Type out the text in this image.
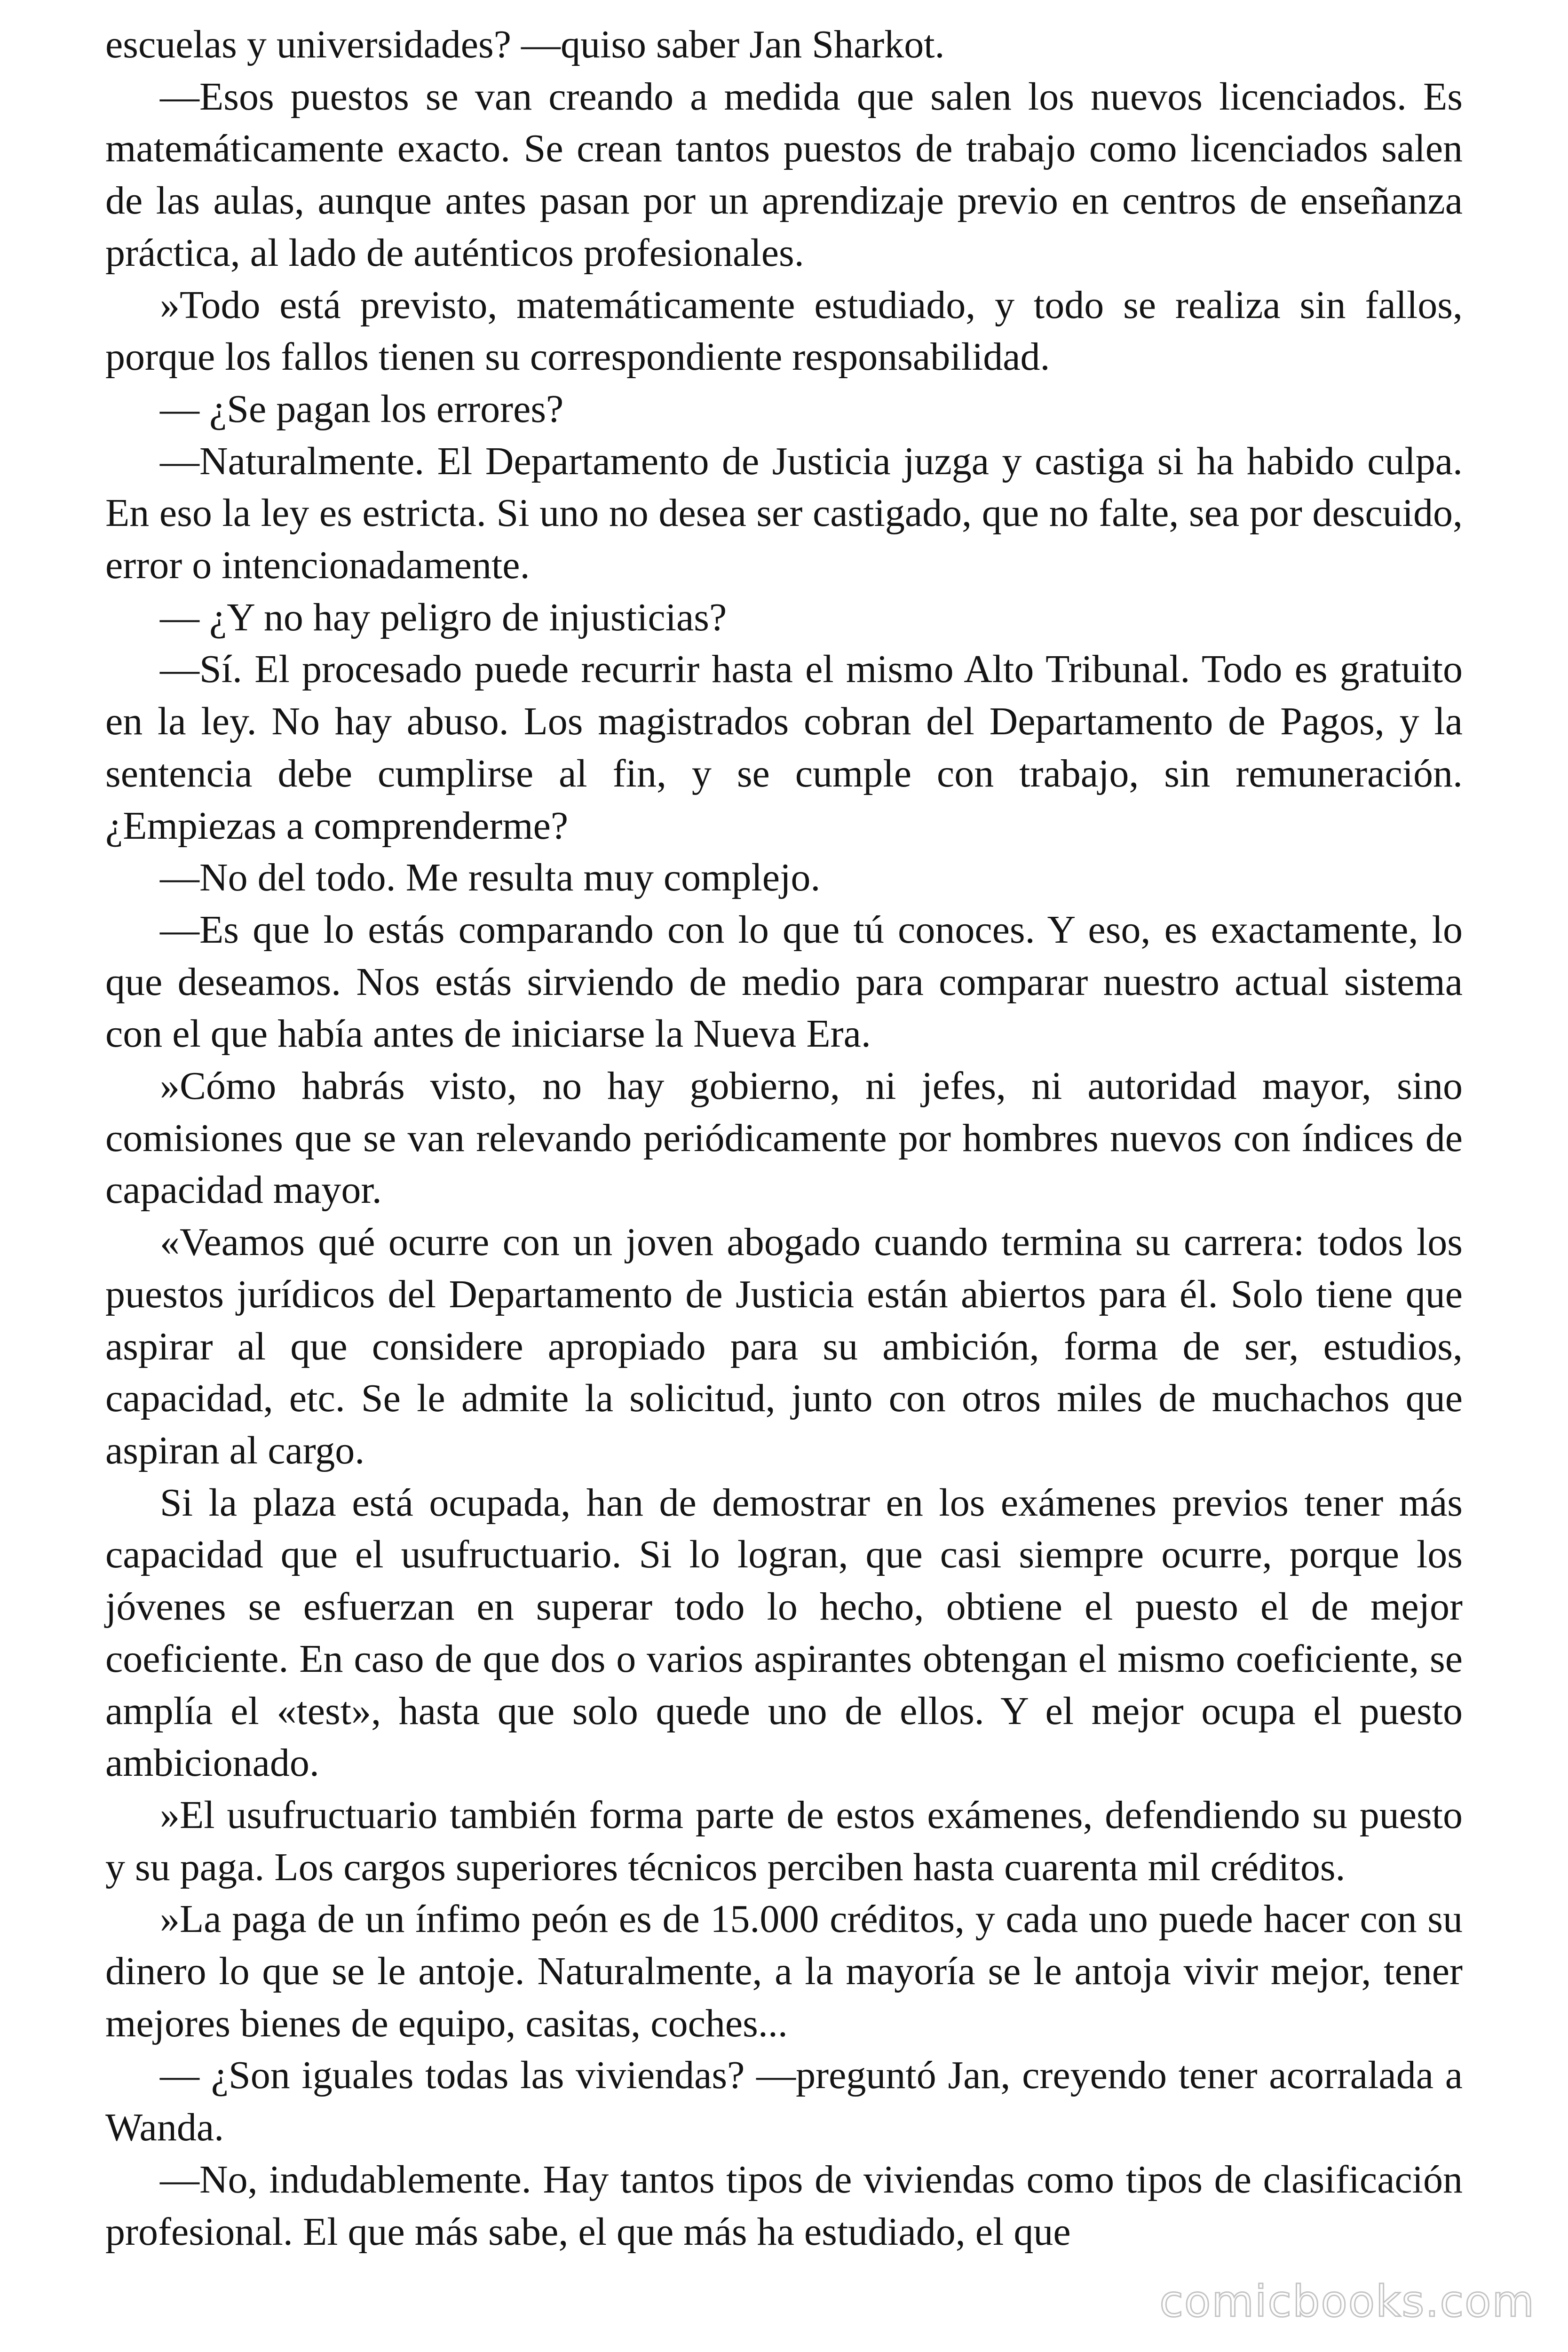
escuelas y universidades? —quiso saber Jan Sharkot.

—Esos puestos se van creando a medida que salen los nuevos licenciados. Es matemáticamente exacto. Se crean tantos puestos de trabajo como licenciados salen de las aulas, aunque antes pasan por un aprendizaje previo en centros de enseñanza práctica, al lado de auténticos profesionales.

»Todo está previsto, matemáticamente estudiado, y todo se realiza sin fallos, porque los fallos tienen su correspondiente responsabilidad.

— ¿Se pagan los errores?

—Naturalmente. El Departamento de Justicia juzga y castiga si ha habido culpa. En eso la ley es estricta. Si uno no desea ser castigado, que no falte, sea por descuido, error o intencionadamente.

— ¿Y no hay peligro de injusticias?

—Sí. El procesado puede recurrir hasta el mismo Alto Tribunal. Todo es gratuito en la ley. No hay abuso. Los magistrados cobran del Departamento de Pagos, y la sentencia debe cumplirse al fin, y se cumple con trabajo, sin remuneración. ¿Empiezas a comprenderme?

—No del todo. Me resulta muy complejo.

—Es que lo estás comparando con lo que tú conoces. Y eso, es exactamente, lo que deseamos. Nos estás sirviendo de medio para comparar nuestro actual sistema con el que había antes de iniciarse la Nueva Era.

»Cómo habrás visto, no hay gobierno, ni jefes, ni autoridad mayor, sino comisiones que se van relevando periódicamente por hombres nuevos con índices de capacidad mayor.

«Veamos qué ocurre con un joven abogado cuando termina su carrera: todos los puestos jurídicos del Departamento de Justicia están abiertos para él. Solo tiene que aspirar al que considere apropiado para su ambición, forma de ser, estudios, capacidad, etc. Se le admite la solicitud, junto con otros miles de muchachos que aspiran al cargo.

Si la plaza está ocupada, han de demostrar en los exámenes previos tener más capacidad que el usufructuario. Si lo logran, que casi siempre ocurre, porque los jóvenes se esfuerzan en superar todo lo hecho, obtiene el puesto el de mejor coeficiente. En caso de que dos o varios aspirantes obtengan el mismo coeficiente, se amplía el «test», hasta que solo quede uno de ellos. Y el mejor ocupa el puesto ambicionado.

»El usufructuario también forma parte de estos exámenes, defendiendo su puesto y su paga. Los cargos superiores técnicos perciben hasta cuarenta mil créditos.

»La paga de un ínfimo peón es de 15.000 créditos, y cada uno puede hacer con su dinero lo que se le antoje. Naturalmente, a la mayoría se le antoja vivir mejor, tener mejores bienes de equipo, casitas, coches...

— ¿Son iguales todas las viviendas? —preguntó Jan, creyendo tener acorralada a Wanda.

—No, indudablemente. Hay tantos tipos de viviendas como tipos de clasificación profesional. El que más sabe, el que más ha estudiado, el que

comicbooks.com
